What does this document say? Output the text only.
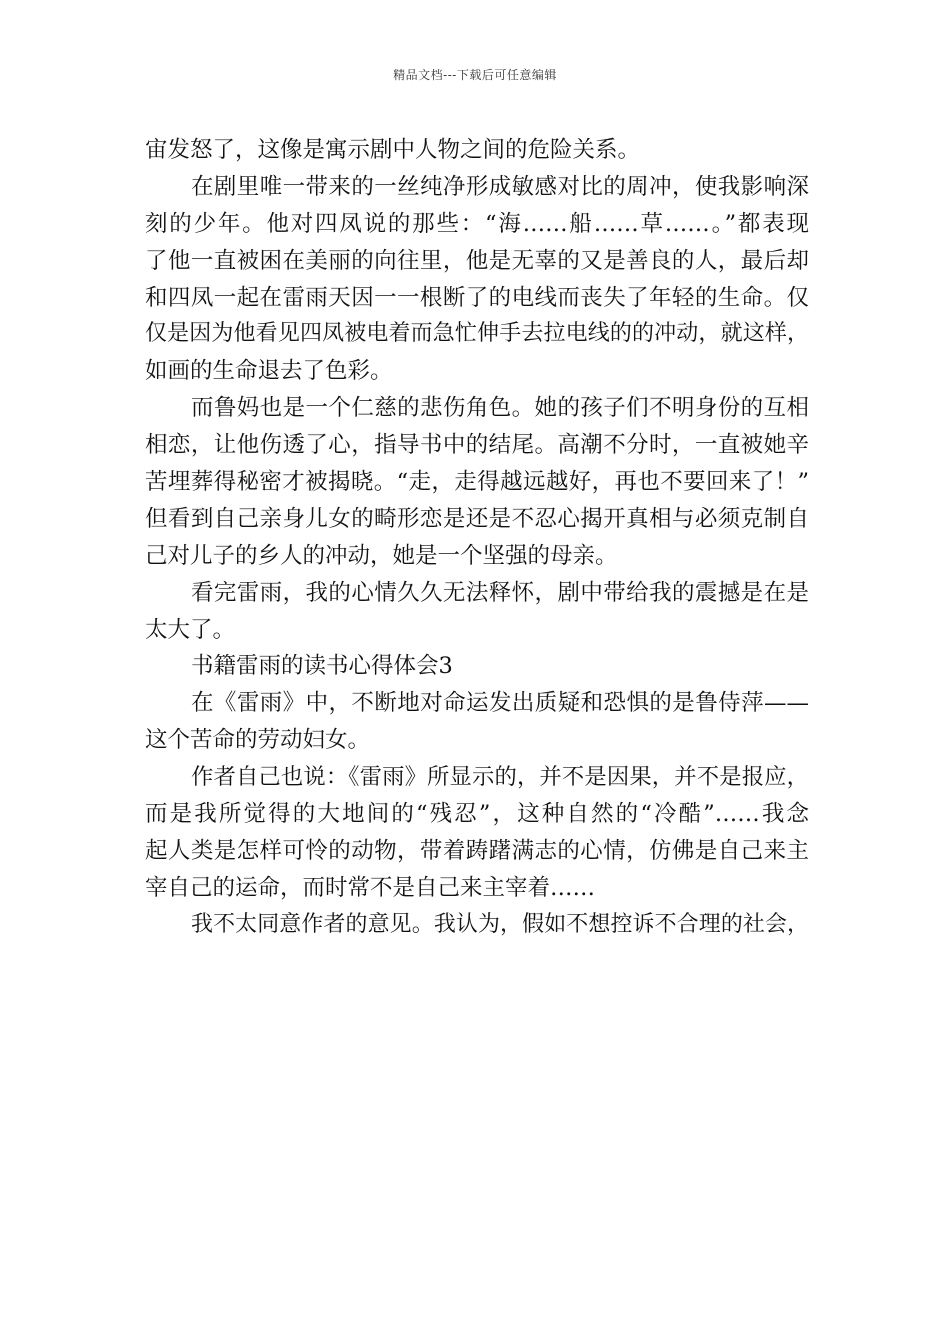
精品文档---下载后可任意编辑
宙发怒了，这像是寓示剧中人物之间的危险关系。
在剧里唯一带来的一丝纯净形成敏感对比的周冲，使我影响深
刻的少年。他对四凤说的那些：“海……船……草……。”都表现
了他一直被困在美丽的向往里，他是无辜的又是善良的人，最后却
和四凤一起在雷雨天因一一根断了的电线而丧失了年轻的生命。仅
仅是因为他看见四凤被电着而急忙伸手去拉电线的的冲动，就这样，
如画的生命退去了色彩。
而鲁妈也是一个仁慈的悲伤角色。她的孩子们不明身份的互相
相恋，让他伤透了心，指导书中的结尾。高潮不分时，一直被她辛
苦埋葬得秘密才被揭晓。“走，走得越远越好，再也不要回来了！”
但看到自己亲身儿女的畸形恋是还是不忍心揭开真相与必须克制自
己对儿子的乡人的冲动，她是一个坚强的母亲。
看完雷雨，我的心情久久无法释怀，剧中带给我的震撼是在是
太大了。
书籍雷雨的读书心得体会3
在《雷雨》中，不断地对命运发出质疑和恐惧的是鲁侍萍——
这个苦命的劳动妇女。
作者自己也说：《雷雨》所显示的，并不是因果，并不是报应，
而是我所觉得的大地间的“残忍”，这种自然的“冷酷”……我念
起人类是怎样可怜的动物，带着踌躇满志的心情，仿佛是自己来主
宰自己的运命，而时常不是自己来主宰着……
我不太同意作者的意见。我认为，假如不想控诉不合理的社会，
